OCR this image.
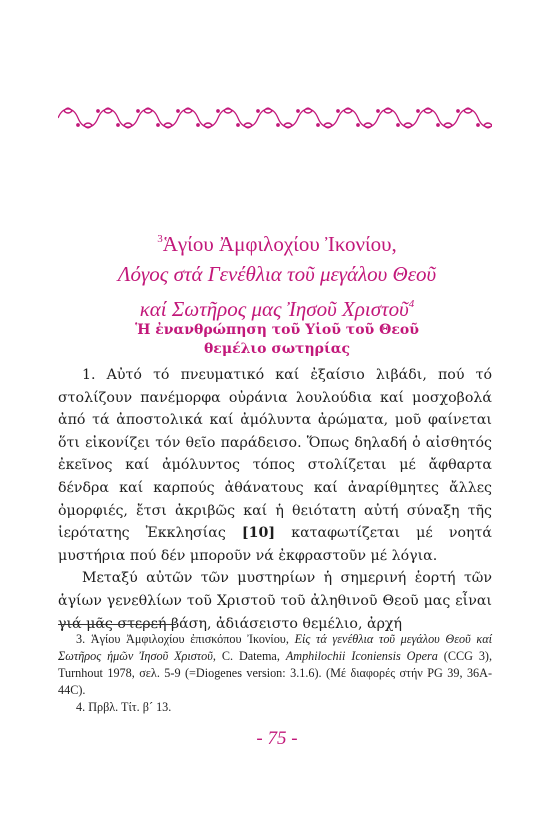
$^3$Ἁγίου Ἀμφιλοχίου Ἰκονίου,
Λόγος στά Γενέθλια τοῦ μεγάλου Θεοῦ
καί Σωτῆρος μας Ἰησοῦ Χριστοῦ$^4$
Ἡ ἐνανθρώπηση τοῦ Υἱοῦ τοῦ Θεοῦ
θεμέλιο σωτηρίας

1. Αὐτό τό πνευματικό καί ἐξαίσιο λιβάδι, πού τό στολίζουν πανέμορφα οὐράνια λουλούδια καί μοσχοβολά ἀπό τά ἀποστολικά καί ἀμόλυντα ἀρώματα, μοῦ φαίνεται ὅτι εἰκονίζει τόν θεῖο παράδεισο. Ὅπως δηλαδή ὁ αἰσθητός ἐκεῖνος καί ἀμόλυντος τόπος στολίζεται μέ ἄφθαρτα δένδρα καί καρπούς ἀθάνατους καί ἀναρίθμητες ἄλλες ὀμορφιές, ἔτσι ἀκριβῶς καί ἡ θειότατη αὐτή σύναξη τῆς ἱερότατης Ἐκκλησίας [10] καταφωτίζεται μέ νοητά μυστήρια πού δέν μποροῦν νά ἐκφραστοῦν μέ λόγια.

Μεταξύ αὐτῶν τῶν μυστηρίων ἡ σημερινή ἑορτή τῶν ἁγίων γενεθλίων τοῦ Χριστοῦ τοῦ ἀληθινοῦ Θεοῦ μας εἶναι γιά μᾶς στερεή βάση, ἀδιάσειστο θεμέλιο, ἀρχή

3. Ἁγίου Ἀμφιλοχίου ἐπισκόπου Ἰκονίου, Εἰς τά γενέθλια τοῦ μεγάλου Θεοῦ καί Σωτῆρος ἡμῶν Ἰησοῦ Χριστοῦ, C. Datema, Amphilochii Iconiensis Opera (CCG 3), Turnhout 1978, σελ. 5-9 (=Diogenes version: 3.1.6). (Μέ διαφορές στήν PG 39, 36A-44C).

4. Πρβλ. Τίτ. β´ 13.

- 75 -
